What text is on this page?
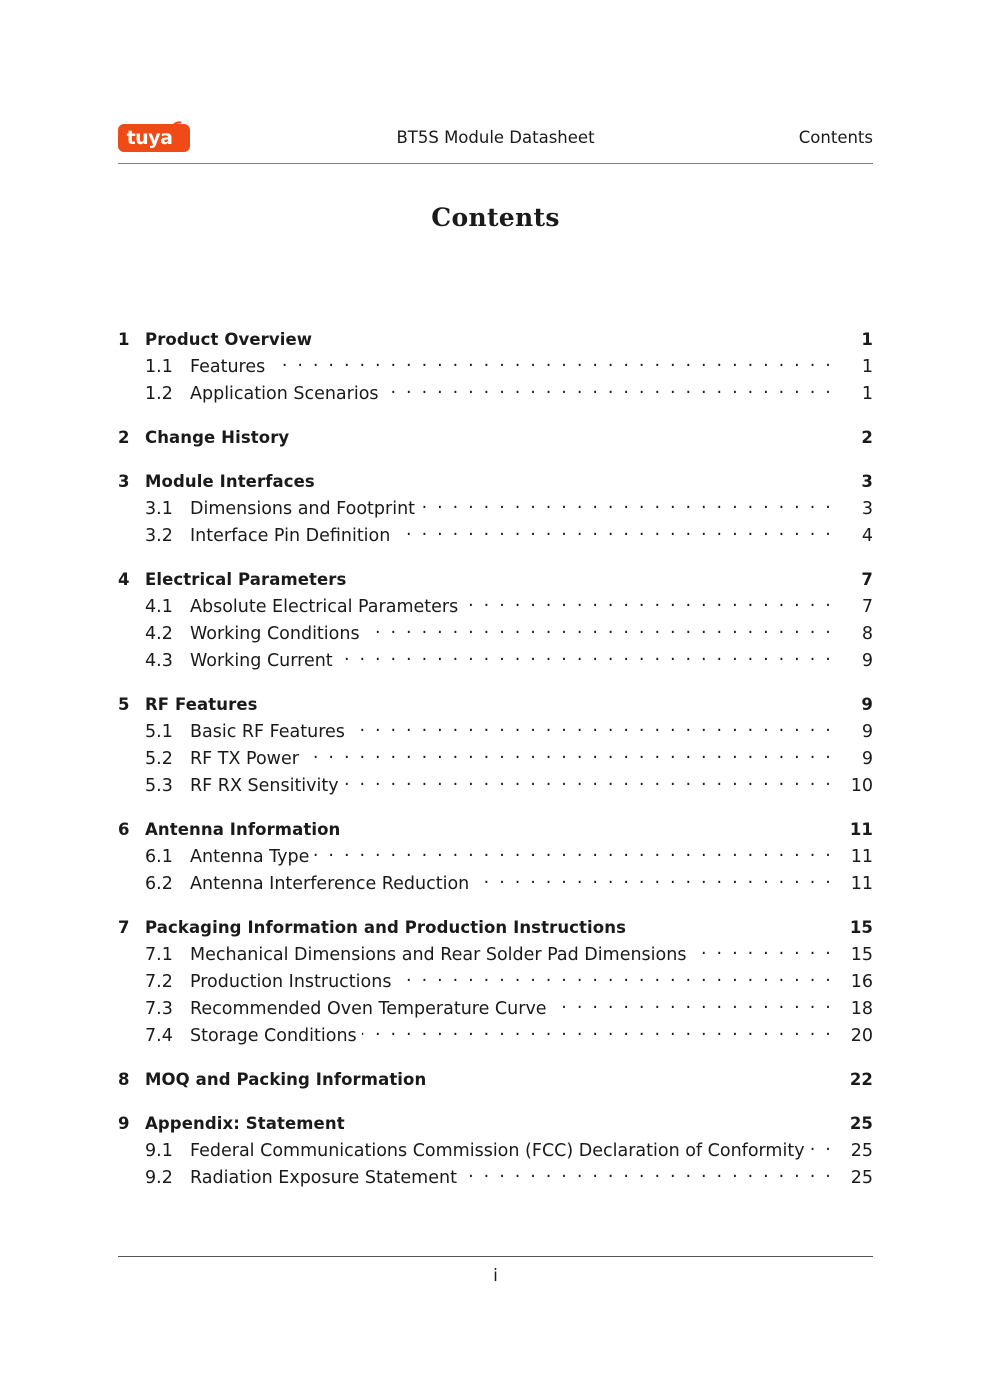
tuya	BT5S Module Datasheet	Contents
Contents
1 Product Overview	1
1.1 Features . . .	1
1.2 Application Scenarios . . .	1
2 Change History	2
3 Module Interfaces	3
3.1 Dimensions and Footprint . . .	3
3.2 Interface Pin Definition . . .	4
4 Electrical Parameters	7
4.1 Absolute Electrical Parameters . . .	7
4.2 Working Conditions . . .	8
4.3 Working Current . . .	9
5 RF Features	9
5.1 Basic RF Features . . .	9
5.2 RF TX Power . . .	9
5.3 RF RX Sensitivity . . .	10
6 Antenna Information	11
6.1 Antenna Type . . .	11
6.2 Antenna Interference Reduction . . .	11
7 Packaging Information and Production Instructions	15
7.1 Mechanical Dimensions and Rear Solder Pad Dimensions . . .	15
7.2 Production Instructions . . .	16
7.3 Recommended Oven Temperature Curve . . .	18
7.4 Storage Conditions . . .	20
8 MOQ and Packing Information	22
9 Appendix: Statement	25
9.1 Federal Communications Commission (FCC) Declaration of Conformity . . .	25
9.2 Radiation Exposure Statement . . .	25
i
